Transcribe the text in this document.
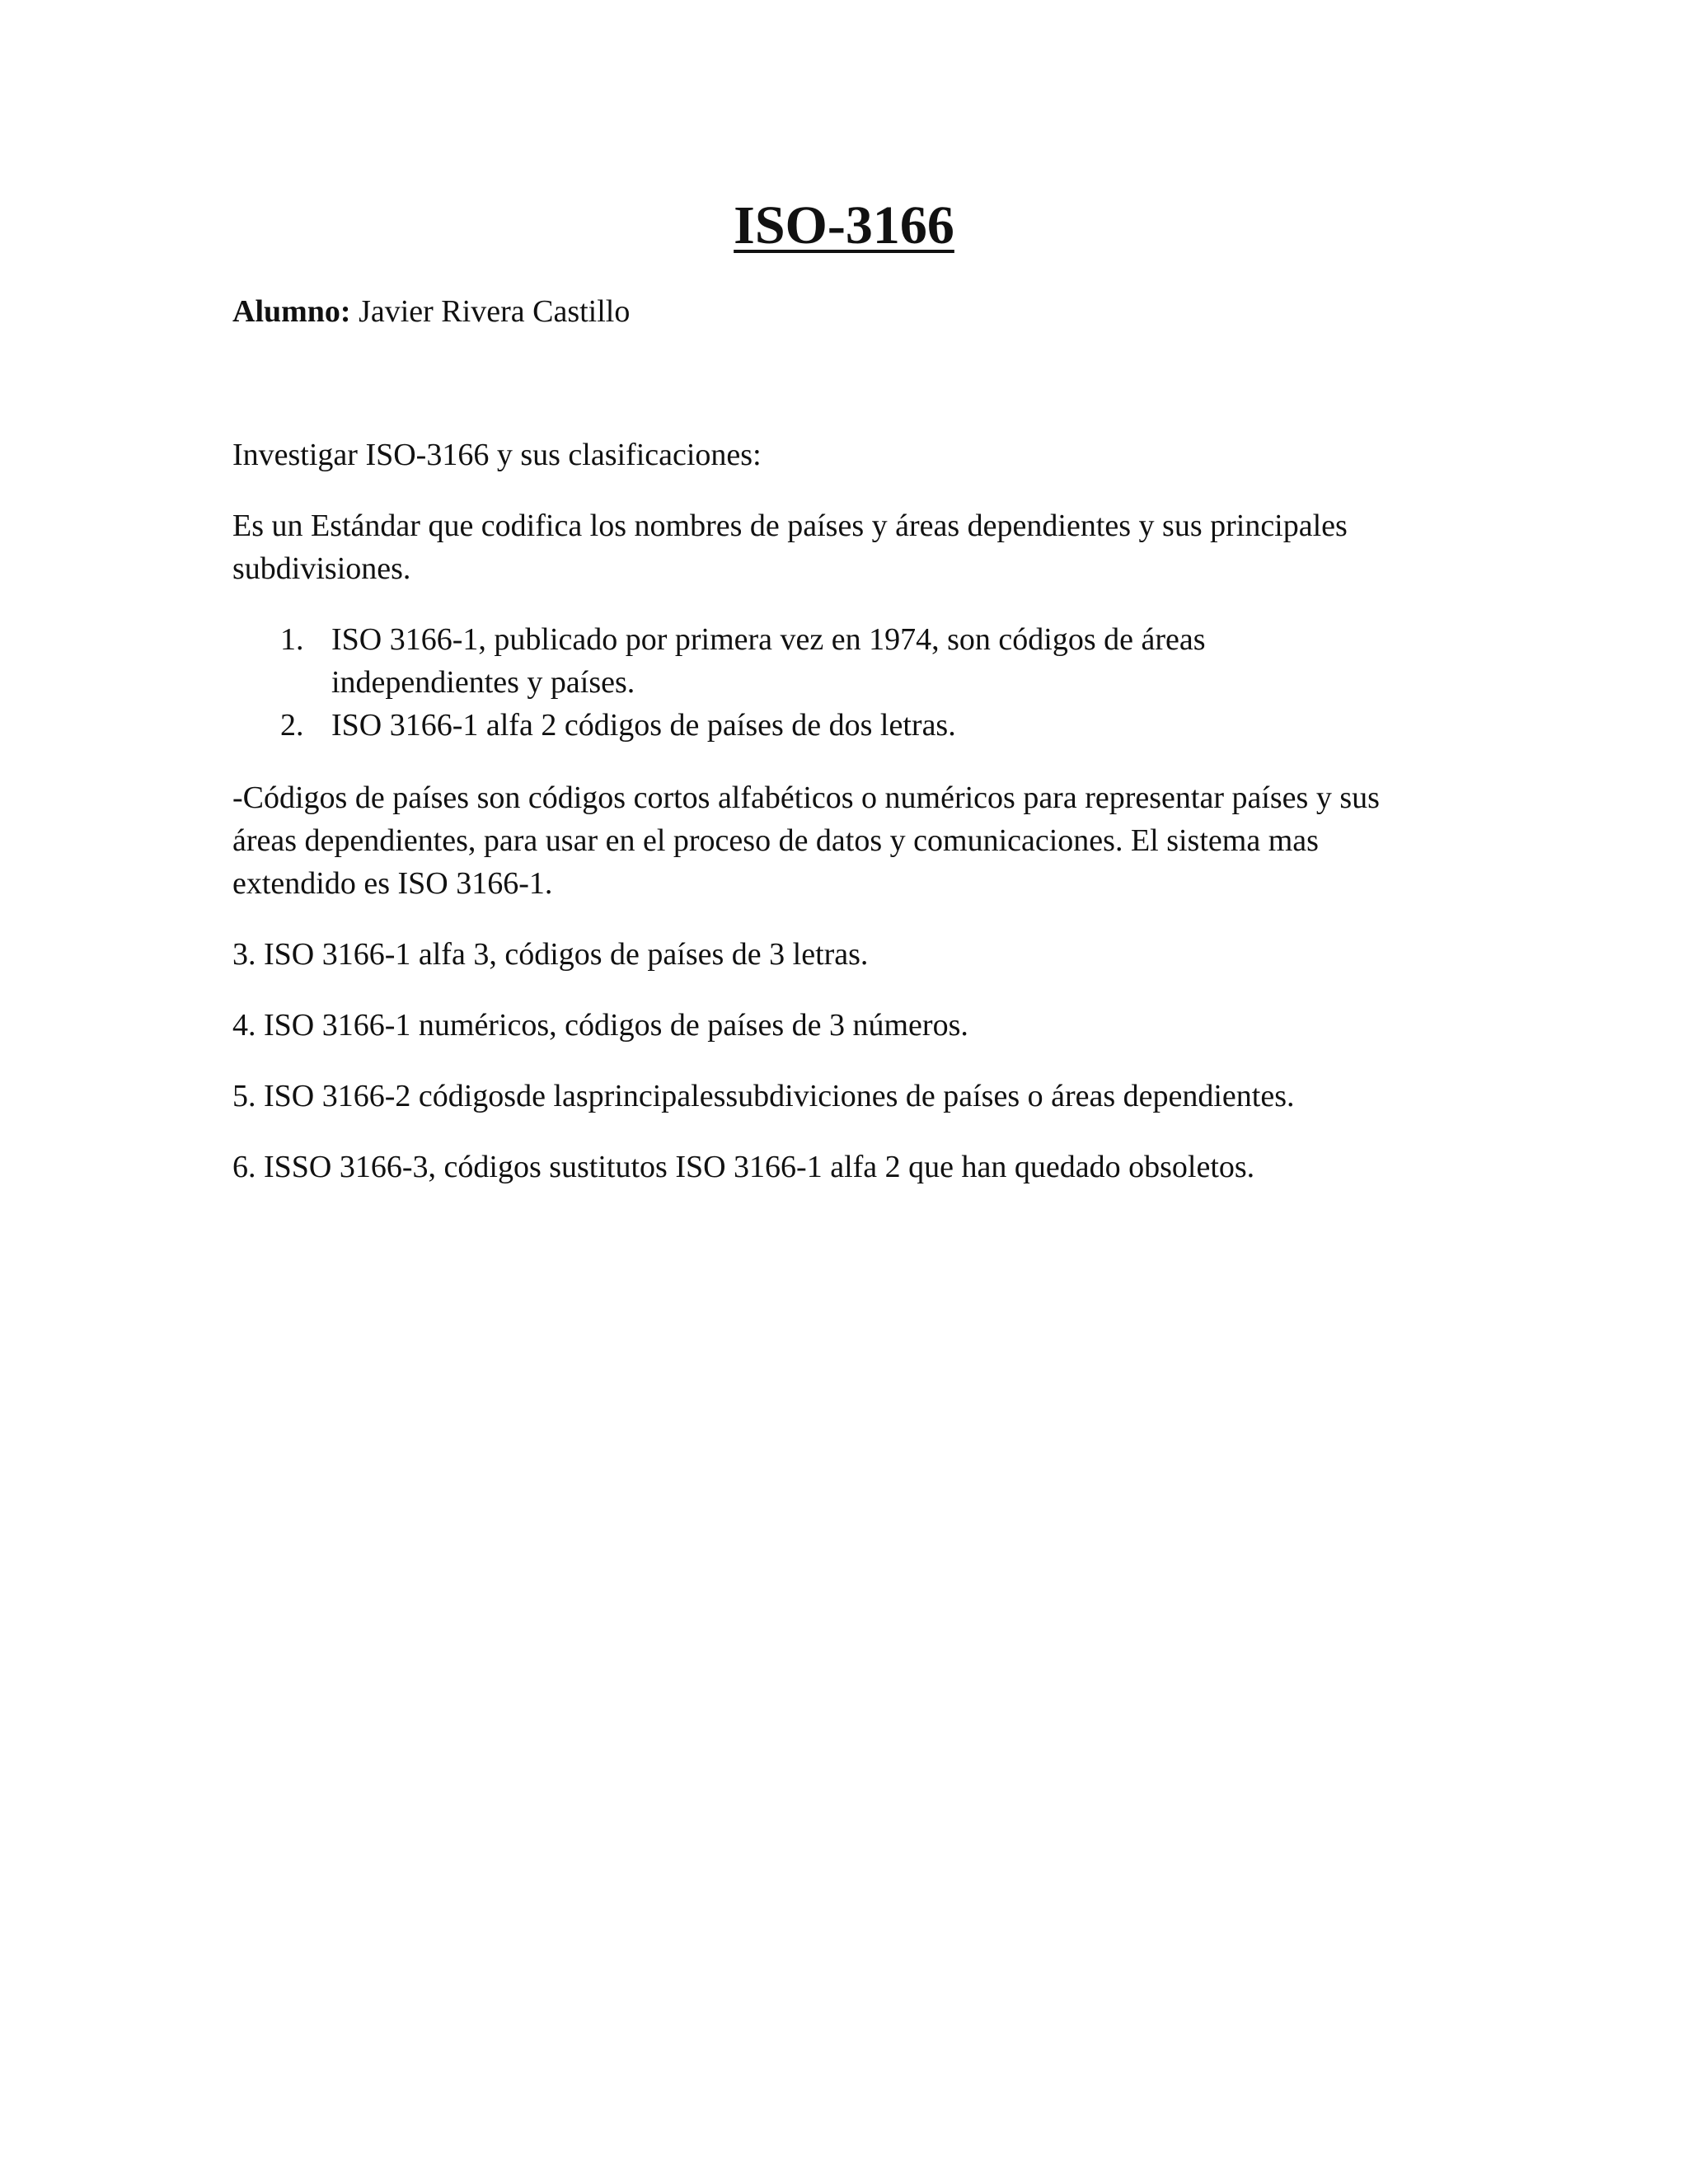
ISO-3166

Alumno: Javier Rivera Castillo

Investigar ISO-3166 y sus clasificaciones:

Es un Estándar que codifica los nombres de países y áreas dependientes y sus principales
subdivisiones.
1. ISO 3166-1, publicado por primera vez en 1974, son códigos de áreas
independientes y países.
2. ISO 3166-1 alfa 2 códigos de países de dos letras.
-Códigos de países son códigos cortos alfabéticos o numéricos para representar países y sus
áreas dependientes, para usar en el proceso de datos y comunicaciones. El sistema mas
extendido es ISO 3166-1.

3. ISO 3166-1 alfa 3, códigos de países de 3 letras.

4. ISO 3166-1 numéricos, códigos de países de 3 números.

5. ISO 3166-2 códigosde lasprincipalessubdiviciones de países o áreas dependientes.

6. ISSO 3166-3, códigos sustitutos ISO 3166-1 alfa 2 que han quedado obsoletos.
